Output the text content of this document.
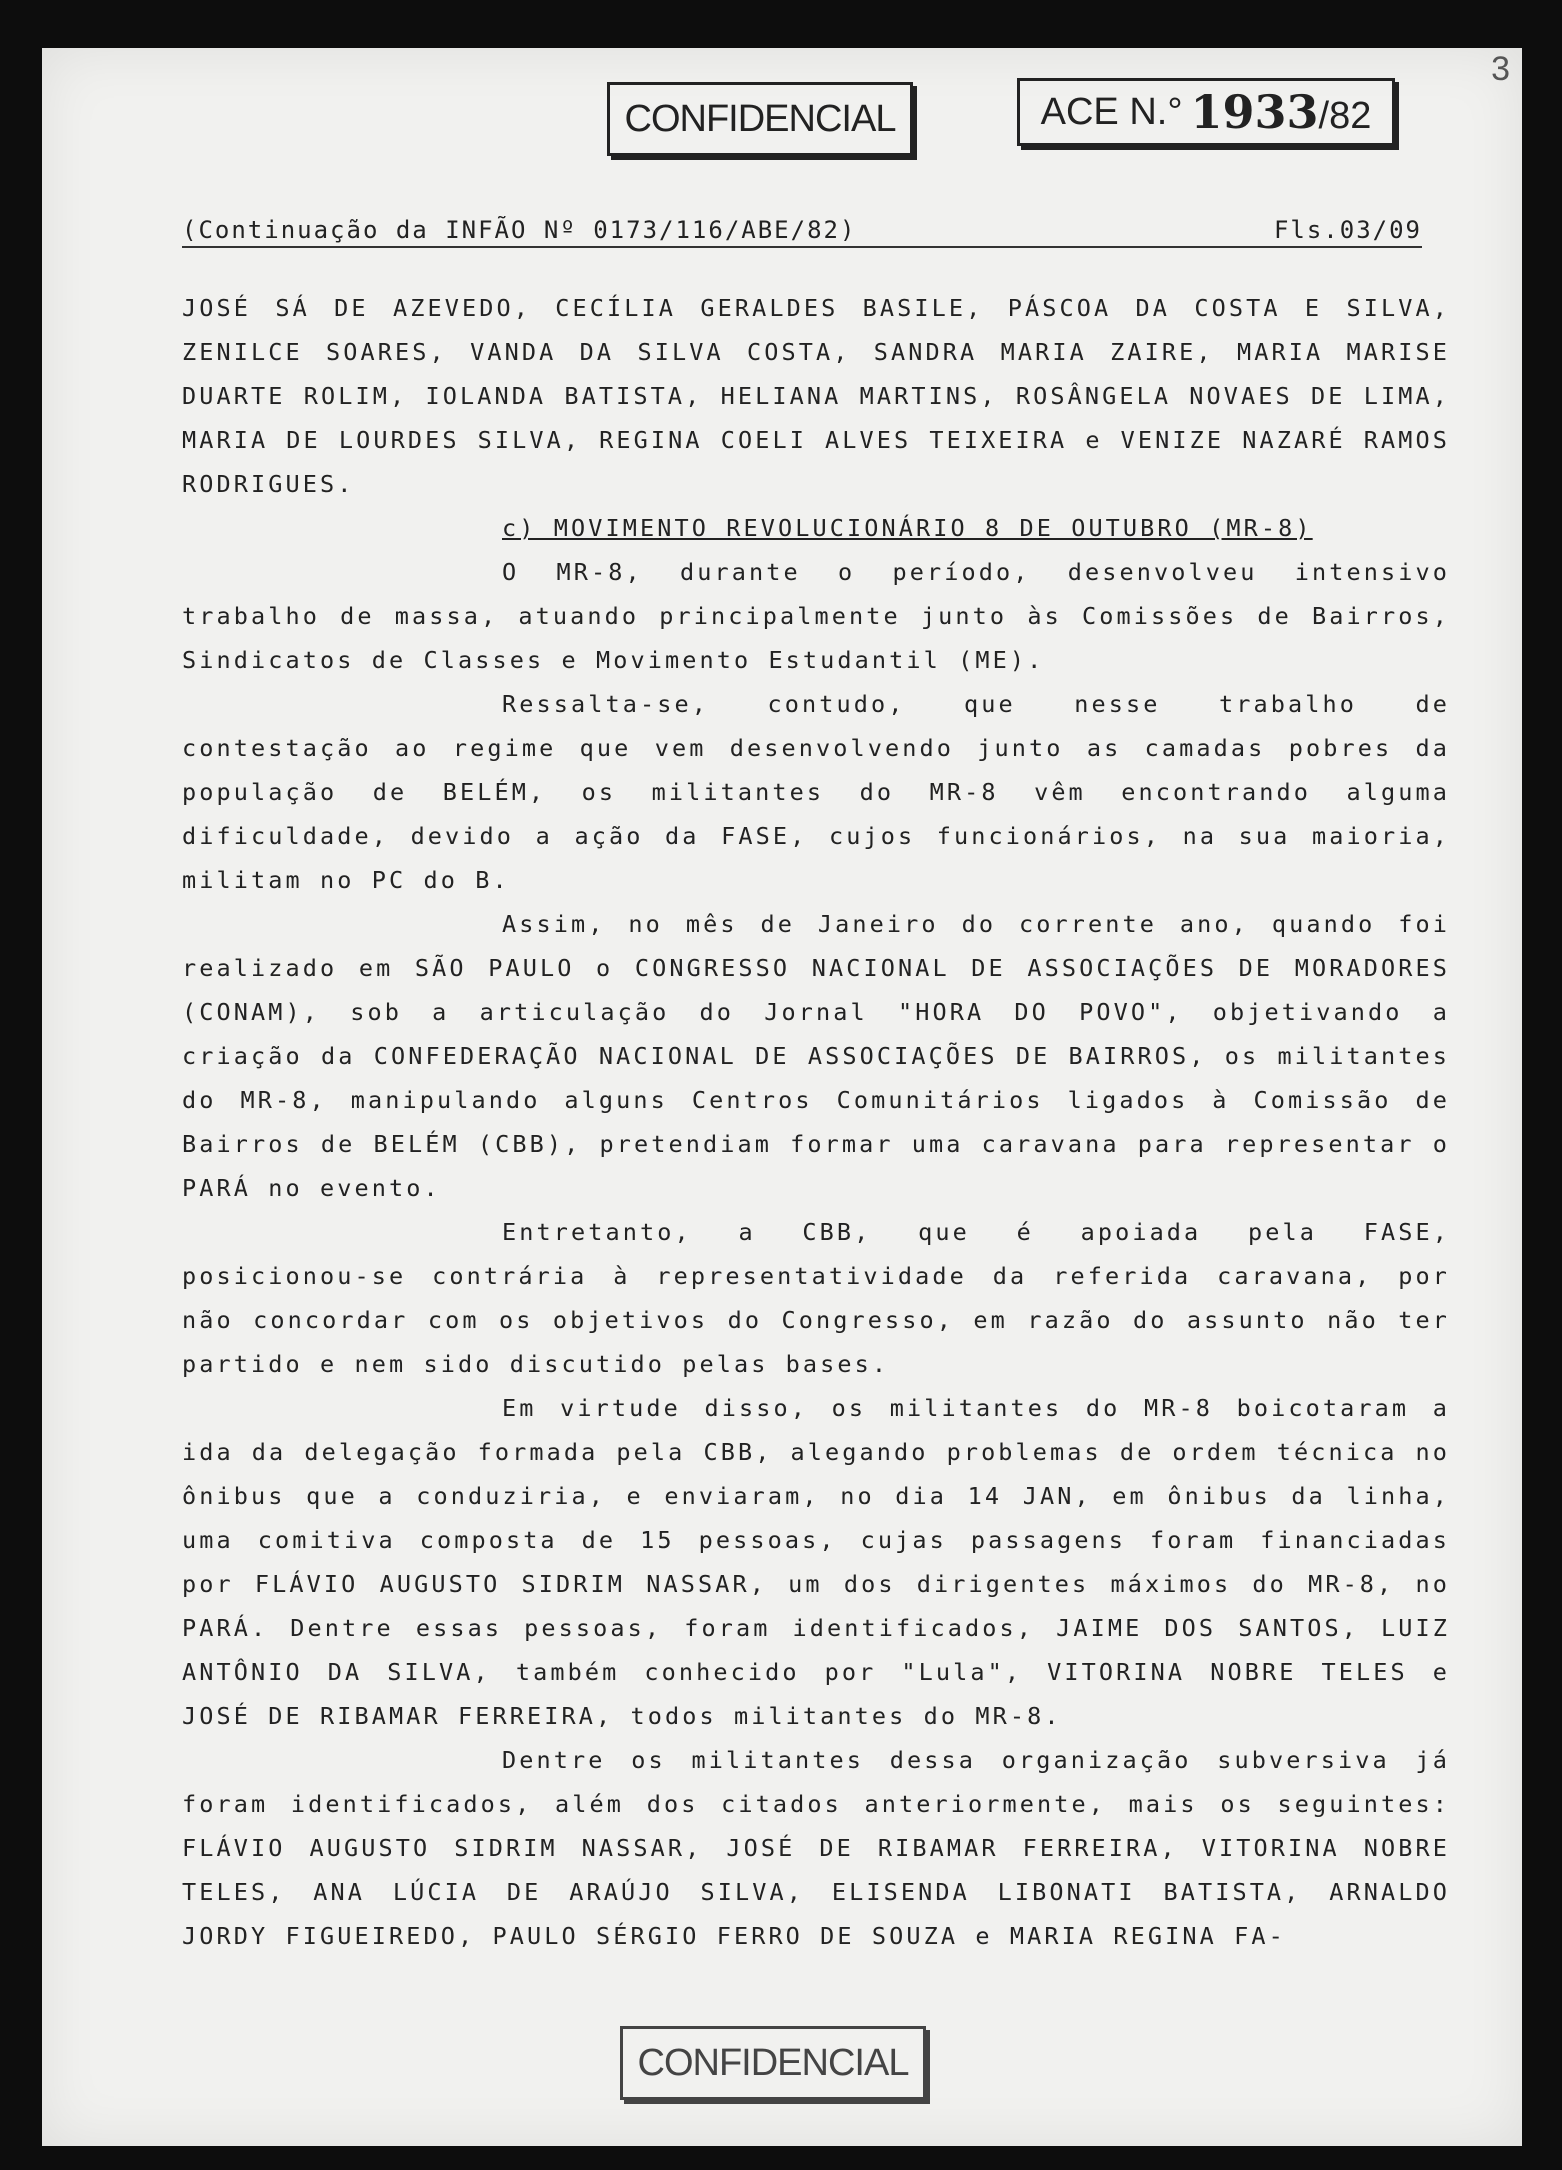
3
CONFIDENCIAL	ACE N.° 1933/82
(Continuação da INFÃO Nº 0173/116/ABE/82)	Fls.03/09

JOSÉ SÁ DE AZEVEDO, CECÍLIA GERALDES BASILE, PÁSCOA DA COSTA E SILVA, ZENILCE SOARES, VANDA DA SILVA COSTA, SANDRA MARIA ZAIRE, MARIA MARISE DUARTE ROLIM, IOLANDA BATISTA, HELIANA MARTINS, ROSÂNGELA NOVAES DE LIMA, MARIA DE LOURDES SILVA, REGINA COELI ALVES TEIXEIRA e VENIZE NAZARÉ RAMOS RODRIGUES.

c) MOVIMENTO REVOLUCIONÁRIO 8 DE OUTUBRO (MR-8)

O MR-8, durante o período, desenvolveu intensivo trabalho de massa, atuando principalmente junto às Comissões de Bairros, Sindicatos de Classes e Movimento Estudantil (ME).

Ressalta-se, contudo, que nesse trabalho de contestação ao regime que vem desenvolvendo junto as camadas pobres da população de BELÉM, os militantes do MR-8 vêm encontrando alguma dificuldade, devido a ação da FASE, cujos funcionários, na sua maioria, militam no PC do B.

Assim, no mês de Janeiro do corrente ano, quando foi realizado em SÃO PAULO o CONGRESSO NACIONAL DE ASSOCIAÇÕES DE MORADORES (CONAM), sob a articulação do Jornal "HORA DO POVO", objetivando a criação da CONFEDERAÇÃO NACIONAL DE ASSOCIAÇÕES DE BAIRROS, os militantes do MR-8, manipulando alguns Centros Comunitários ligados à Comissão de Bairros de BELÉM (CBB), pretendiam formar uma caravana para representar o PARÁ no evento.

Entretanto, a CBB, que é apoiada pela FASE, posicionou-se contrária à representatividade da referida caravana, por não concordar com os objetivos do Congresso, em razão do assunto não ter partido e nem sido discutido pelas bases.

Em virtude disso, os militantes do MR-8 boicotaram a ida da delegação formada pela CBB, alegando problemas de ordem técnica no ônibus que a conduziria, e enviaram, no dia 14 JAN, em ônibus da linha, uma comitiva composta de 15 pessoas, cujas passagens foram financiadas por FLÁVIO AUGUSTO SIDRIM NASSAR, um dos dirigentes máximos do MR-8, no PARÁ. Dentre essas pessoas, foram identificados, JAIME DOS SANTOS, LUIZ ANTÔNIO DA SILVA, também conhecido por "Lula", VITORINA NOBRE TELES e JOSÉ DE RIBAMAR FERREIRA, todos militantes do MR-8.

Dentre os militantes dessa organização subversiva já foram identificados, além dos citados anteriormente, mais os seguintes: FLÁVIO AUGUSTO SIDRIM NASSAR, JOSÉ DE RIBAMAR FERREIRA, VITORINA NOBRE TELES, ANA LÚCIA DE ARAÚJO SILVA, ELISENDA LIBONATI BATISTA, ARNALDO JORDY FIGUEIREDO, PAULO SÉRGIO FERRO DE SOUZA e MARIA REGINA FA-

CONFIDENCIAL
